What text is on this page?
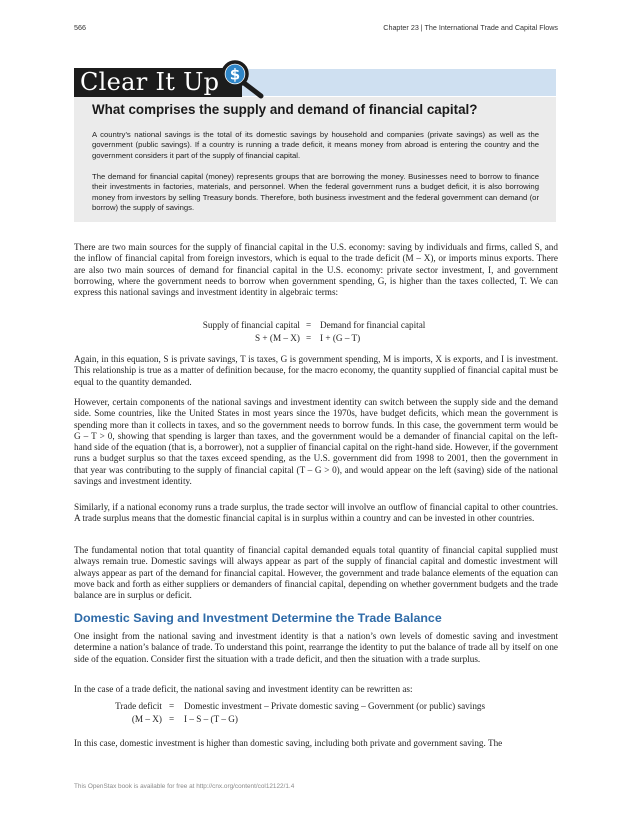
566	Chapter 23 | The International Trade and Capital Flows
Clear It Up $
What comprises the supply and demand of financial capital?

A country’s national savings is the total of its domestic savings by household and companies (private savings) as well as the government (public savings). If a country is running a trade deficit, it means money from abroad is entering the country and the government considers it part of the supply of financial capital.

The demand for financial capital (money) represents groups that are borrowing the money. Businesses need to borrow to finance their investments in factories, materials, and personnel. When the federal government runs a budget deficit, it is also borrowing money from investors by selling Treasury bonds. Therefore, both business investment and the federal government can demand (or borrow) the supply of savings.

There are two main sources for the supply of financial capital in the U.S. economy: saving by individuals and firms, called S, and the inflow of financial capital from foreign investors, which is equal to the trade deficit (M – X), or imports minus exports. There are also two main sources of demand for financial capital in the U.S. economy: private sector investment, I, and government borrowing, where the government needs to borrow when government spending, G, is higher than the taxes collected, T. We can express this national savings and investment identity in algebraic terms:

Supply of financial capital = Demand for financial capital
S + (M – X) = I + (G – T)

Again, in this equation, S is private savings, T is taxes, G is government spending, M is imports, X is exports, and I is investment. This relationship is true as a matter of definition because, for the macro economy, the quantity supplied of financial capital must be equal to the quantity demanded.

However, certain components of the national savings and investment identity can switch between the supply side and the demand side. Some countries, like the United States in most years since the 1970s, have budget deficits, which mean the government is spending more than it collects in taxes, and so the government needs to borrow funds. In this case, the government term would be G – T > 0, showing that spending is larger than taxes, and the government would be a demander of financial capital on the left-hand side of the equation (that is, a borrower), not a supplier of financial capital on the right-hand side. However, if the government runs a budget surplus so that the taxes exceed spending, as the U.S. government did from 1998 to 2001, then the government in that year was contributing to the supply of financial capital (T – G > 0), and would appear on the left (saving) side of the national savings and investment identity.

Similarly, if a national economy runs a trade surplus, the trade sector will involve an outflow of financial capital to other countries. A trade surplus means that the domestic financial capital is in surplus within a country and can be invested in other countries.

The fundamental notion that total quantity of financial capital demanded equals total quantity of financial capital supplied must always remain true. Domestic savings will always appear as part of the supply of financial capital and domestic investment will always appear as part of the demand for financial capital. However, the government and trade balance elements of the equation can move back and forth as either suppliers or demanders of financial capital, depending on whether government budgets and the trade balance are in surplus or deficit.

Domestic Saving and Investment Determine the Trade Balance

One insight from the national saving and investment identity is that a nation’s own levels of domestic saving and investment determine a nation’s balance of trade. To understand this point, rearrange the identity to put the balance of trade all by itself on one side of the equation. Consider first the situation with a trade deficit, and then the situation with a trade surplus.

In the case of a trade deficit, the national saving and investment identity can be rewritten as:

Trade deficit = Domestic investment – Private domestic saving – Government (or public) savings
(M – X) = I – S – (T – G)

In this case, domestic investment is higher than domestic saving, including both private and government saving. The

This OpenStax book is available for free at http://cnx.org/content/col12122/1.4
